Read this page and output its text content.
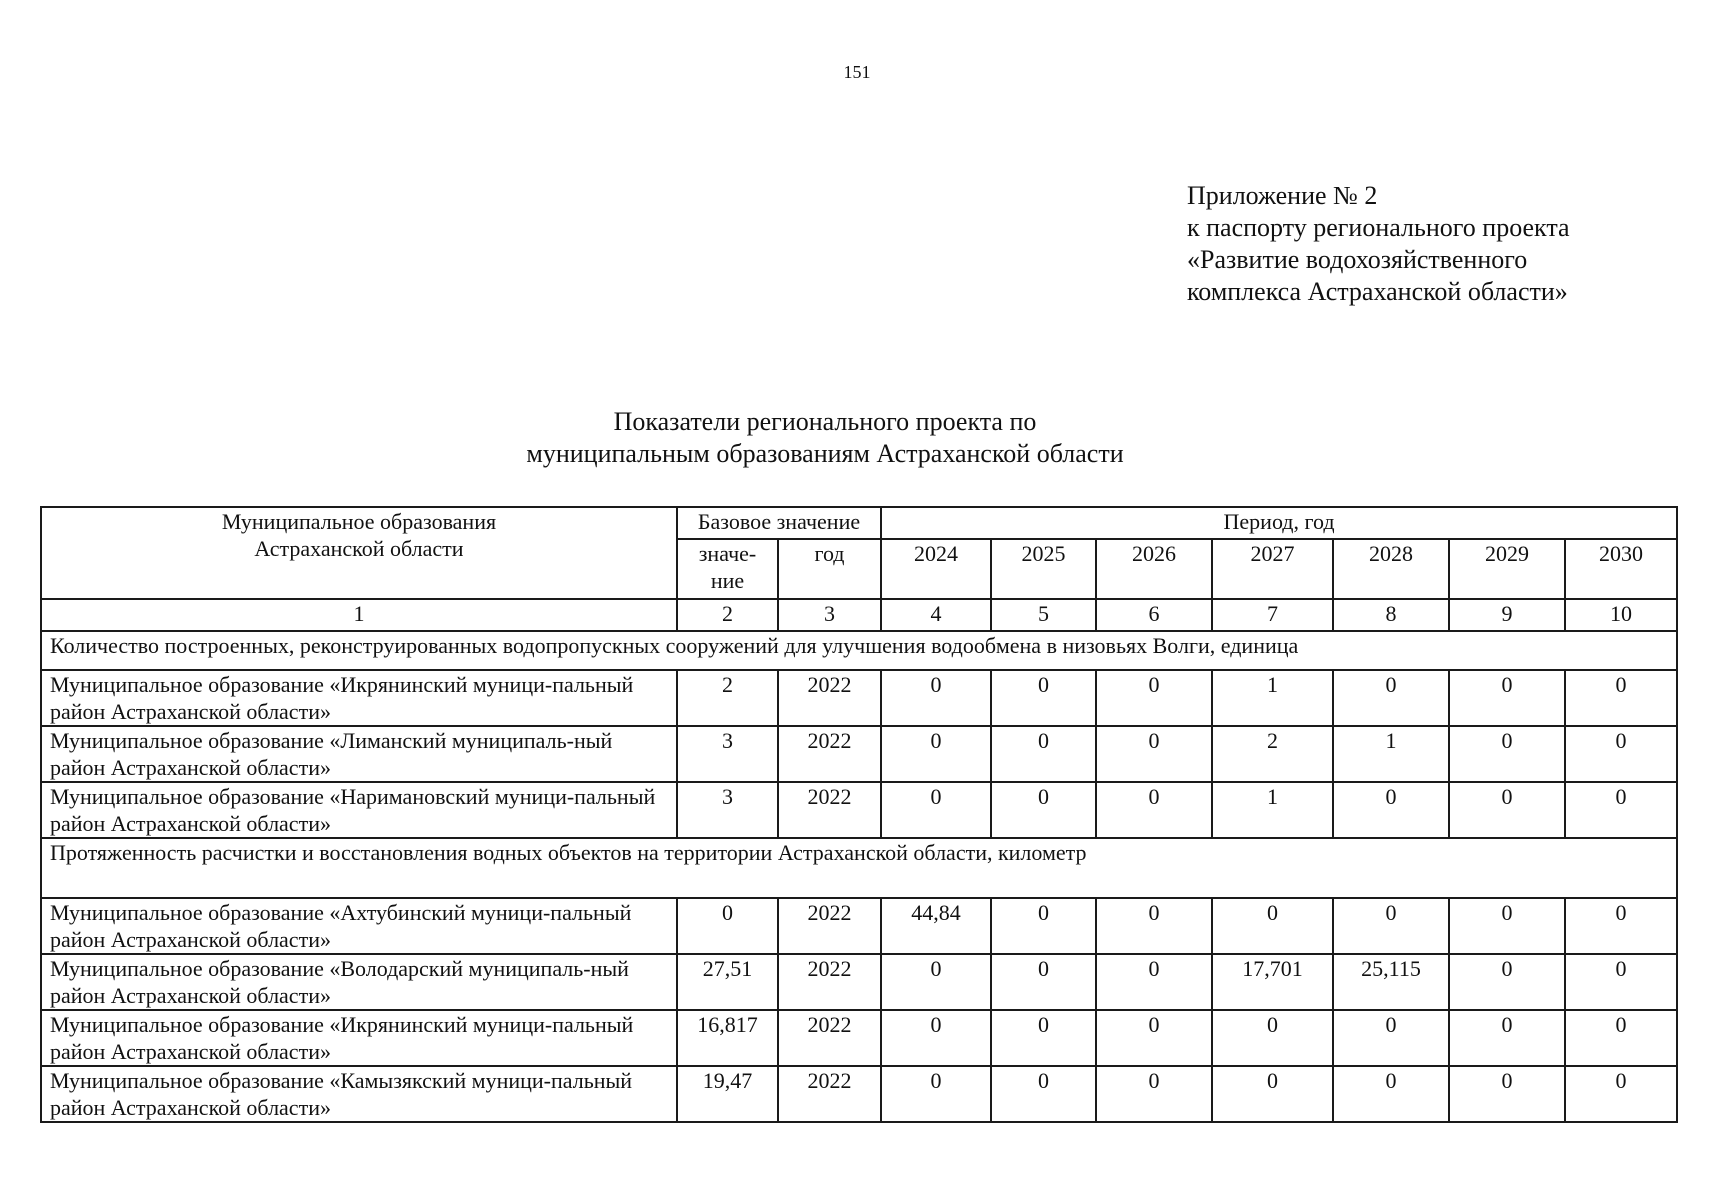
151
Приложение № 2
к паспорту регионального проекта
«Развитие водохозяйственного
комплекса Астраханской области»
Показатели регионального проекта по
муниципальным образованиям Астраханской области
Муниципальное образования Астраханской области	Базовое значение		Период, год						
	значе-ние	год	2024	2025	2026	2027	2028	2029	2030
1	2	3	4	5	6	7	8	9	10
Количество построенных, реконструированных водопропускных сооружений для улучшения водообмена в низовьях Волги, единица									
Муниципальное образование «Икрянинский муници-пальный район Астраханской области»	2	2022	0	0	0	1	0	0	0
Муниципальное образование «Лиманский муниципаль-ный район Астраханской области»	3	2022	0	0	0	2	1	0	0
Муниципальное образование «Наримановский муници-пальный район Астраханской области»	3	2022	0	0	0	1	0	0	0
Протяженность расчистки и восстановления водных объектов на территории Астраханской области, километр									
Муниципальное образование «Ахтубинский муници-пальный район Астраханской области»	0	2022	44,84	0	0	0	0	0	0
Муниципальное образование «Володарский муниципаль-ный район Астраханской области»	27,51	2022	0	0	0	17,701	25,115	0	0
Муниципальное образование «Икрянинский муници-пальный район Астраханской области»	16,817	2022	0	0	0	0	0	0	0
Муниципальное образование «Камызякский муници-пальный район Астраханской области»	19,47	2022	0	0	0	0	0	0	0
